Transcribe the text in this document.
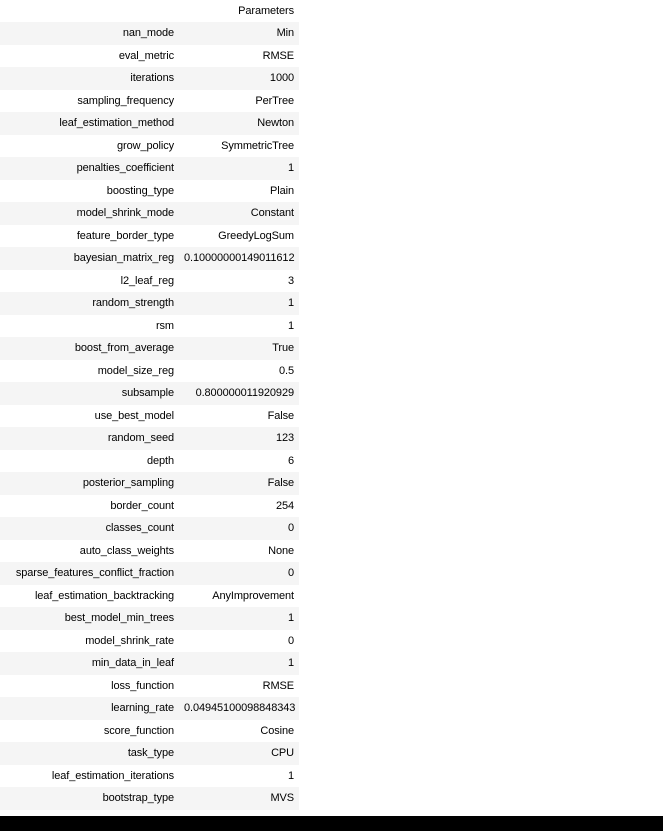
	Parameters
nan_mode	Min
eval_metric	RMSE
iterations	1000
sampling_frequency	PerTree
leaf_estimation_method	Newton
grow_policy	SymmetricTree
penalties_coefficient	1
boosting_type	Plain
model_shrink_mode	Constant
feature_border_type	GreedyLogSum
bayesian_matrix_reg	0.10000000149011612
l2_leaf_reg	3
random_strength	1
rsm	1
boost_from_average	True
model_size_reg	0.5
subsample	0.800000011920929
use_best_model	False
random_seed	123
depth	6
posterior_sampling	False
border_count	254
classes_count	0
auto_class_weights	None
sparse_features_conflict_fraction	0
leaf_estimation_backtracking	AnyImprovement
best_model_min_trees	1
model_shrink_rate	0
min_data_in_leaf	1
loss_function	RMSE
learning_rate	0.04945100098848343
score_function	Cosine
task_type	CPU
leaf_estimation_iterations	1
bootstrap_type	MVS
